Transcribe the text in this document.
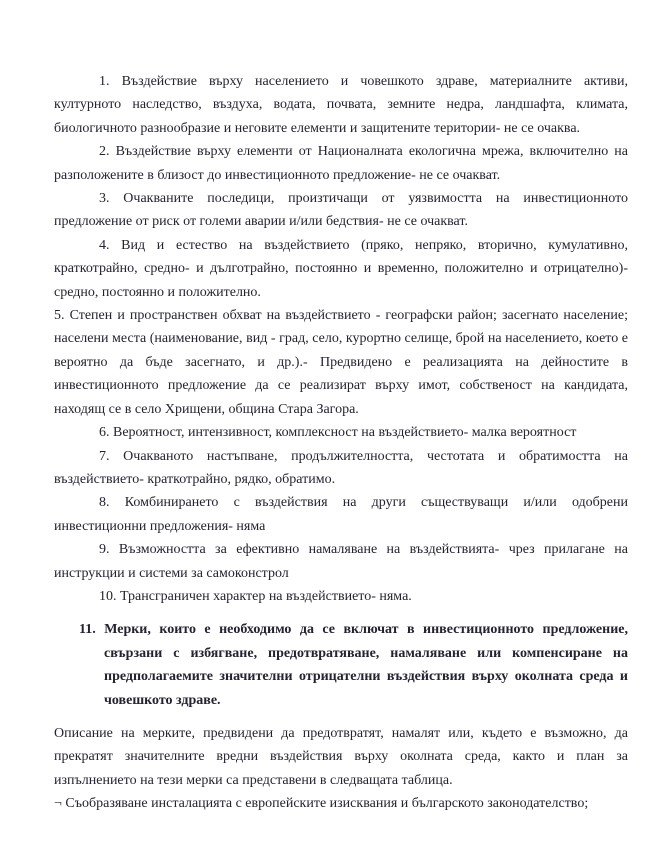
1. Въздействие върху населението и човешкото здраве, материалните активи, културното наследство, въздуха, водата, почвата, земните недра, ландшафта, климата, биологичното разнообразие и неговите елементи и защитените територии- не се очаква.

2. Въздействие върху елементи от Националната екологична мрежа, включително на разположените в близост до инвестиционното предложение- не се очакват.

3. Очакваните последици, произтичащи от уязвимостта на инвестиционното предложение от риск от големи аварии и/или бедствия- не се очакват.

4. Вид и естество на въздействието (пряко, непряко, вторично, кумулативно, краткотрайно, средно- и дълготрайно, постоянно и временно, положително и отрицателно)- средно, постоянно и положително.

5. Степен и пространствен обхват на въздействието - географски район; засегнато население; населени места (наименование, вид - град, село, курортно селище, брой на населението, което е вероятно да бъде засегнато, и др.).- Предвидено е реализацията на дейностите в инвестиционното предложение да се реализират върху имот, собственост на кандидата, находящ се в село Хрищени, община Стара Загора.

6. Вероятност, интензивност, комплексност на въздействието- малка вероятност

7. Очакваното настъпване, продължителността, честотата и обратимостта на въздействието- краткотрайно, рядко, обратимо.

8. Комбинирането с въздействия на други съществуващи и/или одобрени инвестиционни предложения- няма

9. Възможността за ефективно намаляване на въздействията- чрез прилагане на инструкции и системи за самоконстрол

10. Трансграничен характер на въздействието- няма.

11. Мерки, които е необходимо да се включат в инвестиционното предложение, свързани с избягване, предотвратяване, намаляване или компенсиране на предполагаемите значителни отрицателни въздействия върху околната среда и човешкото здраве.

Описание на мерките, предвидени да предотвратят, намалят или, където е възможно, да прекратят значителните вредни въздействия върху околната среда, както и план за изпълнението на тези мерки са представени в следващата таблица.

¬ Съобразяване инсталацията с европейските изисквания и българското законодателство;
